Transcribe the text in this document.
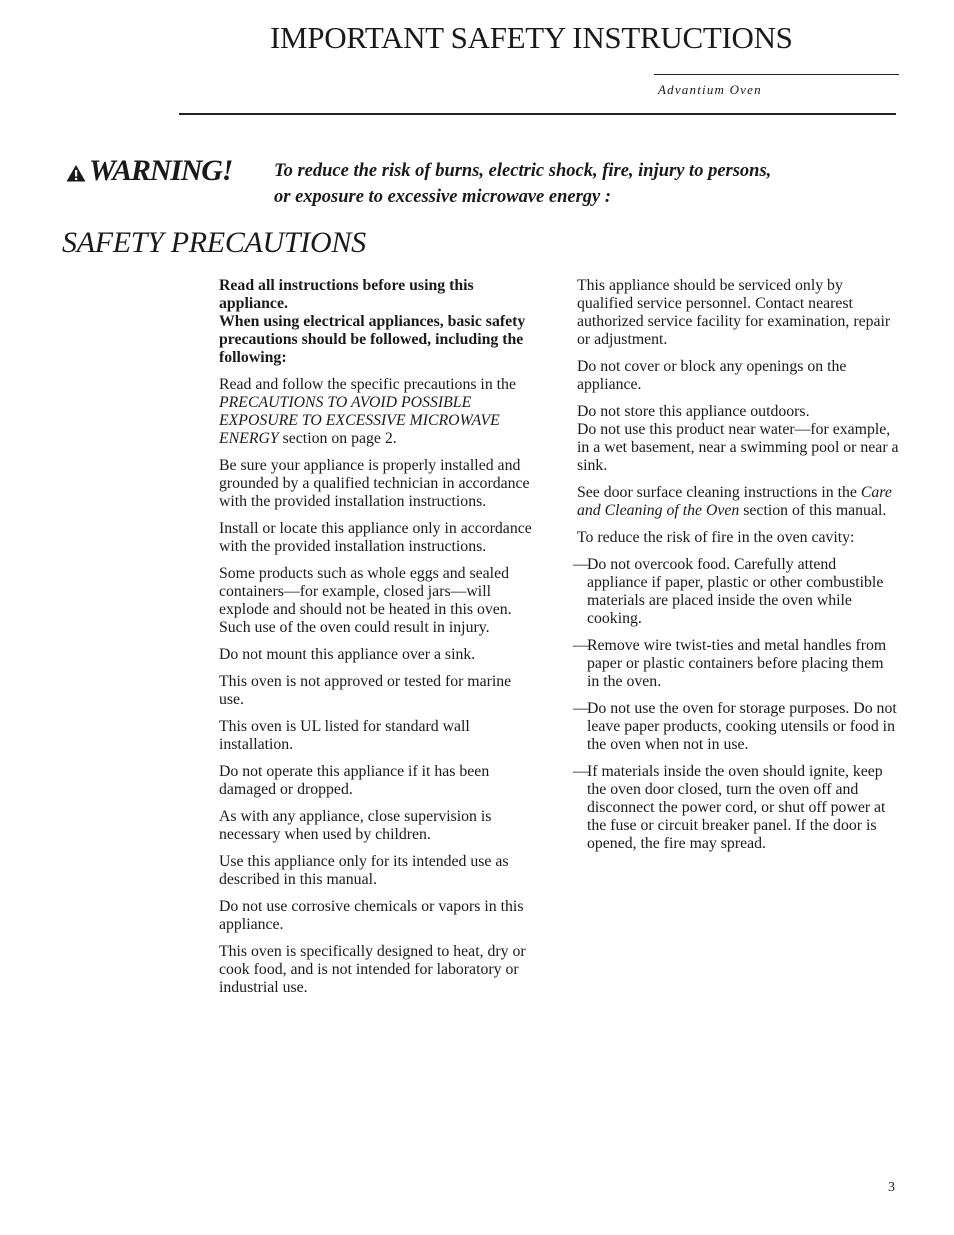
IMPORTANT SAFETY INSTRUCTIONS
Advantium Oven
WARNING! To reduce the risk of burns, electric shock, fire, injury to persons,
or exposure to excessive microwave energy :
SAFETY PRECAUTIONS

Read all instructions before using this appliance.

When using electrical appliances, basic safety precautions should be followed, including the following:

Read and follow the specific precautions in the PRECAUTIONS TO AVOID POSSIBLE EXPOSURE TO EXCESSIVE MICROWAVE ENERGY section on page 2.

Be sure your appliance is properly installed and grounded by a qualified technician in accordance with the provided installation instructions.

Install or locate this appliance only in accordance with the provided installation instructions.

Some products such as whole eggs and sealed containers—for example, closed jars—will explode and should not be heated in this oven. Such use of the oven could result in injury.

Do not mount this appliance over a sink.

This oven is not approved or tested for marine use.

This oven is UL listed for standard wall installation.

Do not operate this appliance if it has been damaged or dropped.

As with any appliance, close supervision is necessary when used by children.

Use this appliance only for its intended use as described in this manual.

Do not use corrosive chemicals or vapors in this appliance.

This oven is specifically designed to heat, dry or cook food, and is not intended for laboratory or industrial use.

This appliance should be serviced only by qualified service personnel. Contact nearest authorized service facility for examination, repair or adjustment.

Do not cover or block any openings on the appliance.

Do not store this appliance outdoors.
Do not use this product near water—for example, in a wet basement, near a swimming pool or near a sink.

See door surface cleaning instructions in the Care and Cleaning of the Oven section of this manual.

To reduce the risk of fire in the oven cavity:

—
Do not overcook food. Carefully attend appliance if paper, plastic or other combustible materials are placed inside the oven while cooking.

—
Remove wire twist-ties and metal handles from paper or plastic containers before placing them in the oven.

—
Do not use the oven for storage purposes. Do not leave paper products, cooking utensils or food in the oven when not in use.

—
If materials inside the oven should ignite, keep the oven door closed, turn the oven off and disconnect the power cord, or shut off power at the fuse or circuit breaker panel. If the door is opened, the fire may spread.

3
